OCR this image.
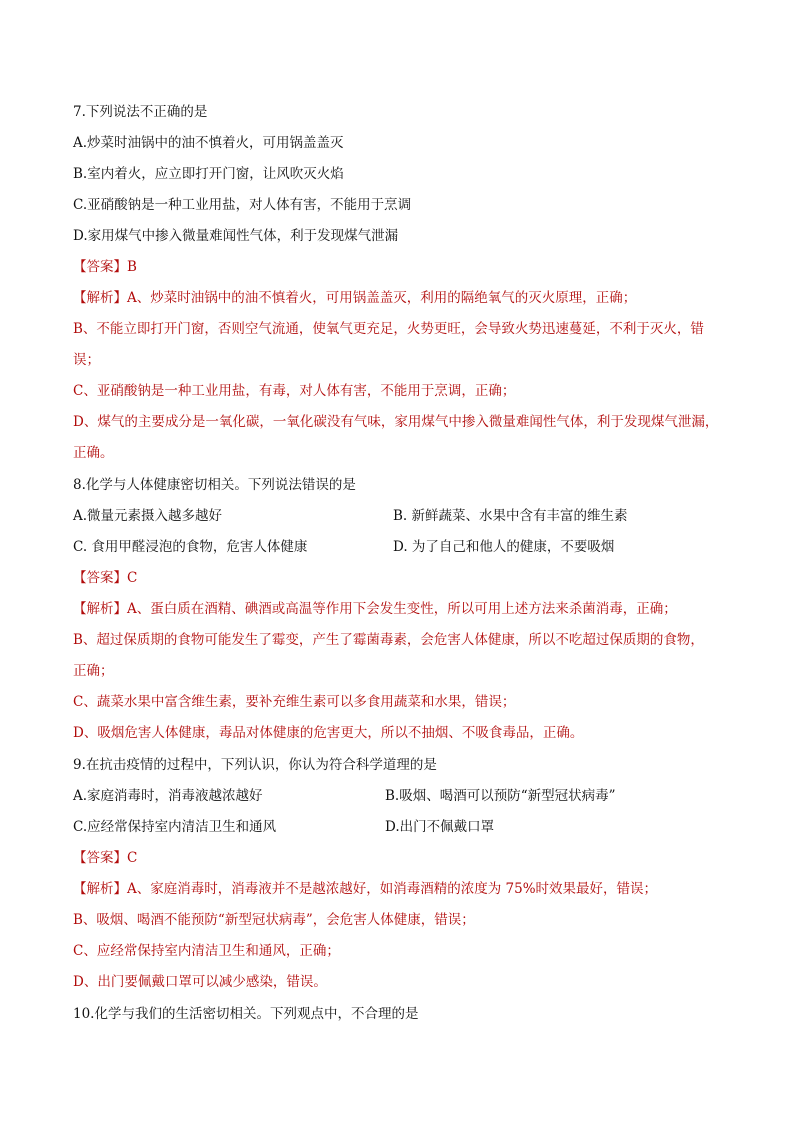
7.下列说法不正确的是
A.炒菜时油锅中的油不慎着火，可用锅盖盖灭
B.室内着火，应立即打开门窗，让风吹灭火焰
C.亚硝酸钠是一种工业用盐，对人体有害，不能用于烹调
D.家用煤气中掺入微量难闻性气体，利于发现煤气泄漏
【答案】B
【解析】A、炒菜时油锅中的油不慎着火，可用锅盖盖灭，利用的隔绝氧气的灭火原理，正确；
B、不能立即打开门窗，否则空气流通，使氧气更充足，火势更旺，会导致火势迅速蔓延，不利于灭火，错
误；
C、亚硝酸钠是一种工业用盐，有毒，对人体有害，不能用于烹调，正确；
D、煤气的主要成分是一氧化碳，一氧化碳没有气味，家用煤气中掺入微量难闻性气体，利于发现煤气泄漏，
正确。
8.化学与人体健康密切相关。下列说法错误的是
A.微量元素摄入越多越好	B. 新鲜蔬菜、水果中含有丰富的维生素
C. 食用甲醛浸泡的食物，危害人体健康	D. 为了自己和他人的健康，不要吸烟
【答案】C
【解析】A、蛋白质在酒精、碘酒或高温等作用下会发生变性，所以可用上述方法来杀菌消毒，正确；
B、超过保质期的食物可能发生了霉变，产生了霉菌毒素，会危害人体健康，所以不吃超过保质期的食物，
正确；
C、蔬菜水果中富含维生素，要补充维生素可以多食用蔬菜和水果，错误；
D、吸烟危害人体健康，毒品对体健康的危害更大，所以不抽烟、不吸食毒品，正确。
9.在抗击疫情的过程中，下列认识，你认为符合科学道理的是
A.家庭消毒时，消毒液越浓越好	B.吸烟、喝酒可以预防“新型冠状病毒”
C.应经常保持室内清洁卫生和通风	D.出门不佩戴口罩
【答案】C
【解析】A、家庭消毒时，消毒液并不是越浓越好，如消毒酒精的浓度为 75%时效果最好，错误；
B、吸烟、喝酒不能预防“新型冠状病毒”，会危害人体健康，错误；
C、应经常保持室内清洁卫生和通风，正确；
D、出门要佩戴口罩可以减少感染，错误。
10.化学与我们的生活密切相关。下列观点中，不合理的是
